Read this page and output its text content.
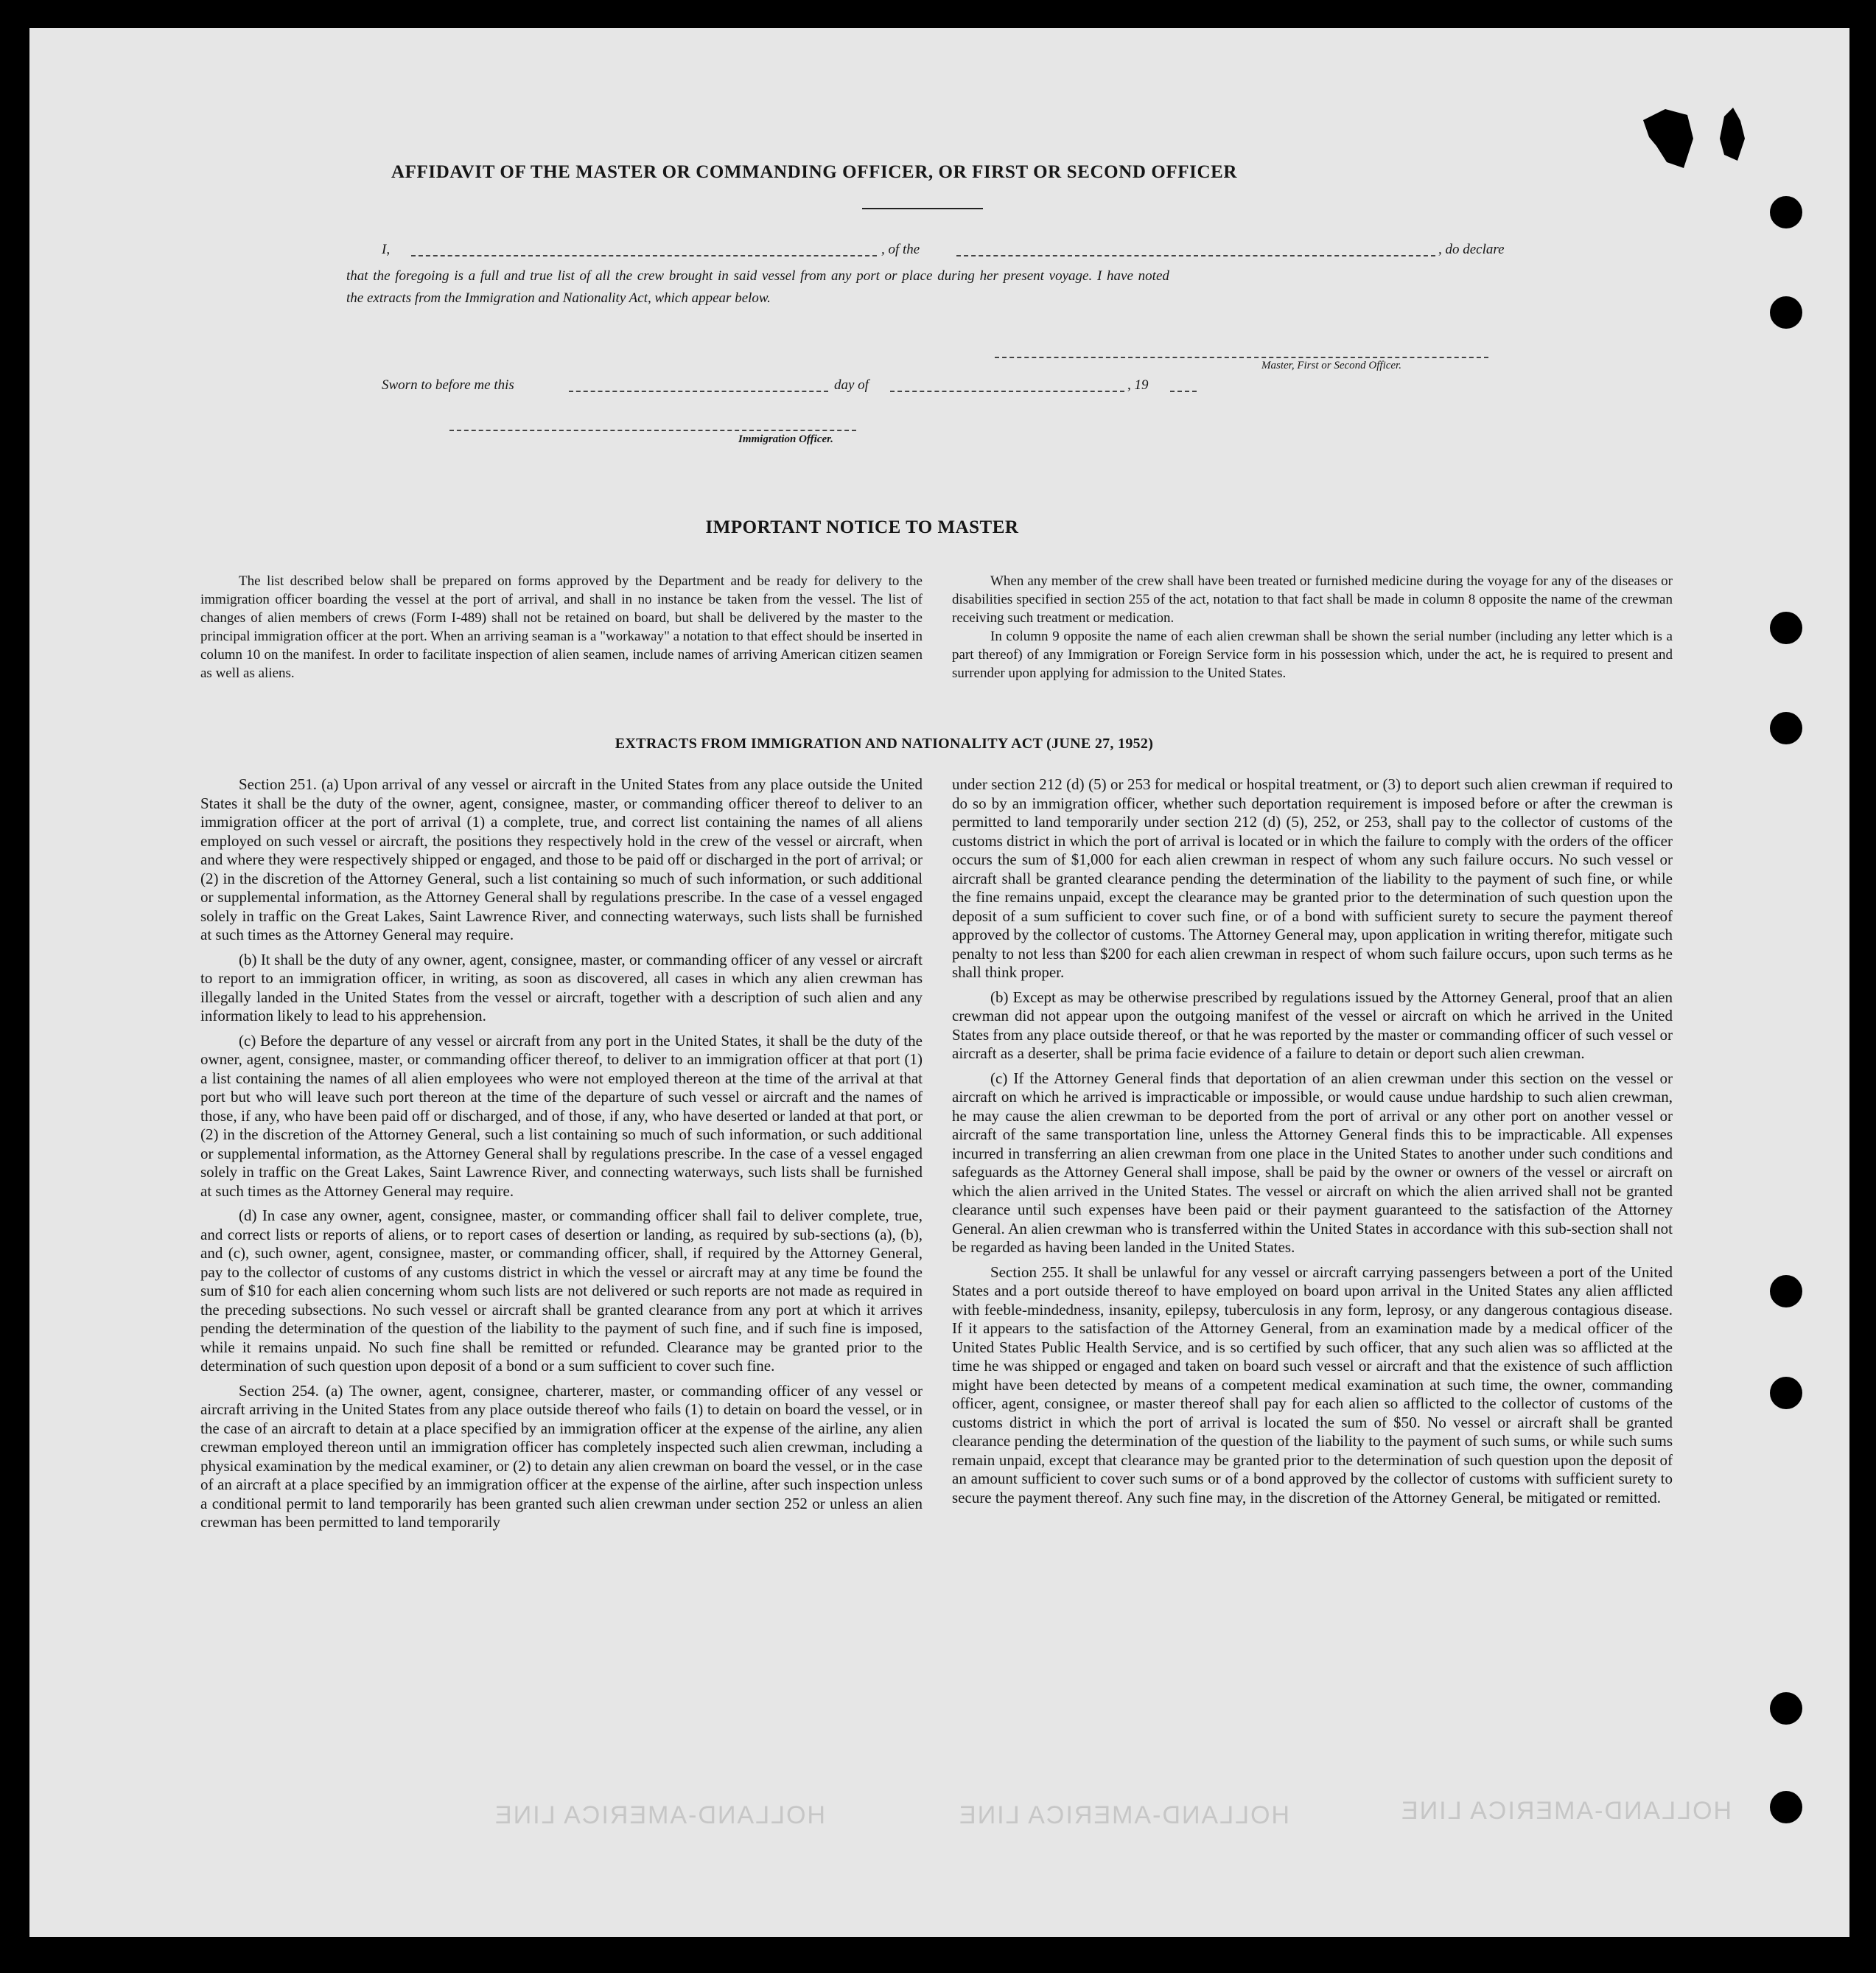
AFFIDAVIT OF THE MASTER OR COMMANDING OFFICER, OR FIRST OR SECOND OFFICER
I,	, of the	, do declare
that the foregoing is a full and true list of all the crew brought in said vessel from any port or place during her present voyage. I have noted
the extracts from the Immigration and Nationality Act, which appear below.
Master, First or Second Officer.
Sworn to before me this	day of	, 19
Immigration Officer.
IMPORTANT NOTICE TO MASTER

The list described below shall be prepared on forms approved by the Department and be ready for delivery to the immigration officer boarding the vessel at the port of arrival, and shall in no instance be taken from the vessel. The list of changes of alien members of crews (Form I-489) shall not be retained on board, but shall be delivered by the master to the principal immigration officer at the port. When an arriving seaman is a "workaway" a notation to that effect should be inserted in column 10 on the manifest. In order to facilitate inspection of alien seamen, include names of arriving American citizen seamen as well as aliens.

When any member of the crew shall have been treated or furnished medicine during the voyage for any of the diseases or disabilities specified in section 255 of the act, notation to that fact shall be made in column 8 opposite the name of the crewman receiving such treatment or medication.

In column 9 opposite the name of each alien crewman shall be shown the serial number (including any letter which is a part thereof) of any Immigration or Foreign Service form in his possession which, under the act, he is required to present and surrender upon applying for admission to the United States.

EXTRACTS FROM IMMIGRATION AND NATIONALITY ACT (JUNE 27, 1952)

Section 251. (a) Upon arrival of any vessel or aircraft in the United States from any place outside the United States it shall be the duty of the owner, agent, consignee, master, or commanding officer thereof to deliver to an immigration officer at the port of arrival (1) a complete, true, and correct list containing the names of all aliens employed on such vessel or aircraft, the positions they respectively hold in the crew of the vessel or aircraft, when and where they were respectively shipped or engaged, and those to be paid off or discharged in the port of arrival; or (2) in the discretion of the Attorney General, such a list containing so much of such information, or such additional or supplemental information, as the Attorney General shall by regulations prescribe. In the case of a vessel engaged solely in traffic on the Great Lakes, Saint Lawrence River, and connecting waterways, such lists shall be furnished at such times as the Attorney General may require.

(b) It shall be the duty of any owner, agent, consignee, master, or commanding officer of any vessel or aircraft to report to an immigration officer, in writing, as soon as discovered, all cases in which any alien crewman has illegally landed in the United States from the vessel or aircraft, together with a description of such alien and any information likely to lead to his apprehension.

(c) Before the departure of any vessel or aircraft from any port in the United States, it shall be the duty of the owner, agent, consignee, master, or commanding officer thereof, to deliver to an immigration officer at that port (1) a list containing the names of all alien employees who were not employed thereon at the time of the arrival at that port but who will leave such port thereon at the time of the departure of such vessel or aircraft and the names of those, if any, who have been paid off or discharged, and of those, if any, who have deserted or landed at that port, or (2) in the discretion of the Attorney General, such a list containing so much of such information, or such additional or supplemental information, as the Attorney General shall by regulations prescribe. In the case of a vessel engaged solely in traffic on the Great Lakes, Saint Lawrence River, and connecting waterways, such lists shall be furnished at such times as the Attorney General may require.

(d) In case any owner, agent, consignee, master, or commanding officer shall fail to deliver complete, true, and correct lists or reports of aliens, or to report cases of desertion or landing, as required by sub-sections (a), (b), and (c), such owner, agent, consignee, master, or commanding officer, shall, if required by the Attorney General, pay to the collector of customs of any customs district in which the vessel or aircraft may at any time be found the sum of $10 for each alien concerning whom such lists are not delivered or such reports are not made as required in the preceding subsections. No such vessel or aircraft shall be granted clearance from any port at which it arrives pending the determination of the question of the liability to the payment of such fine, and if such fine is imposed, while it remains unpaid. No such fine shall be remitted or refunded. Clearance may be granted prior to the determination of such question upon deposit of a bond or a sum sufficient to cover such fine.

Section 254. (a) The owner, agent, consignee, charterer, master, or commanding officer of any vessel or aircraft arriving in the United States from any place outside thereof who fails (1) to detain on board the vessel, or in the case of an aircraft to detain at a place specified by an immigration officer at the expense of the airline, any alien crewman employed thereon until an immigration officer has completely inspected such alien crewman, including a physical examination by the medical examiner, or (2) to detain any alien crewman on board the vessel, or in the case of an aircraft at a place specified by an immigration officer at the expense of the airline, after such inspection unless a conditional permit to land temporarily has been granted such alien crewman under section 252 or unless an alien crewman has been permitted to land temporarily

under section 212 (d) (5) or 253 for medical or hospital treatment, or (3) to deport such alien crewman if required to do so by an immigration officer, whether such deportation requirement is imposed before or after the crewman is permitted to land temporarily under section 212 (d) (5), 252, or 253, shall pay to the collector of customs of the customs district in which the port of arrival is located or in which the failure to comply with the orders of the officer occurs the sum of $1,000 for each alien crewman in respect of whom any such failure occurs. No such vessel or aircraft shall be granted clearance pending the determination of the liability to the payment of such fine, or while the fine remains unpaid, except the clearance may be granted prior to the determination of such question upon the deposit of a sum sufficient to cover such fine, or of a bond with sufficient surety to secure the payment thereof approved by the collector of customs. The Attorney General may, upon application in writing therefor, mitigate such penalty to not less than $200 for each alien crewman in respect of whom such failure occurs, upon such terms as he shall think proper.

(b) Except as may be otherwise prescribed by regulations issued by the Attorney General, proof that an alien crewman did not appear upon the outgoing manifest of the vessel or aircraft on which he arrived in the United States from any place outside thereof, or that he was reported by the master or commanding officer of such vessel or aircraft as a deserter, shall be prima facie evidence of a failure to detain or deport such alien crewman.

(c) If the Attorney General finds that deportation of an alien crewman under this section on the vessel or aircraft on which he arrived is impracticable or impossible, or would cause undue hardship to such alien crewman, he may cause the alien crewman to be deported from the port of arrival or any other port on another vessel or aircraft of the same transportation line, unless the Attorney General finds this to be impracticable. All expenses incurred in transferring an alien crewman from one place in the United States to another under such conditions and safeguards as the Attorney General shall impose, shall be paid by the owner or owners of the vessel or aircraft on which the alien arrived in the United States. The vessel or aircraft on which the alien arrived shall not be granted clearance until such expenses have been paid or their payment guaranteed to the satisfaction of the Attorney General. An alien crewman who is transferred within the United States in accordance with this sub-section shall not be regarded as having been landed in the United States.

Section 255. It shall be unlawful for any vessel or aircraft carrying passengers between a port of the United States and a port outside thereof to have employed on board upon arrival in the United States any alien afflicted with feeble-mindedness, insanity, epilepsy, tuberculosis in any form, leprosy, or any dangerous contagious disease. If it appears to the satisfaction of the Attorney General, from an examination made by a medical officer of the United States Public Health Service, and is so certified by such officer, that any such alien was so afflicted at the time he was shipped or engaged and taken on board such vessel or aircraft and that the existence of such affliction might have been detected by means of a competent medical examination at such time, the owner, commanding officer, agent, consignee, or master thereof shall pay for each alien so afflicted to the collector of customs of the customs district in which the port of arrival is located the sum of $50. No vessel or aircraft shall be granted clearance pending the determination of the question of the liability to the payment of such sums, or while such sums remain unpaid, except that clearance may be granted prior to the determination of such question upon the deposit of an amount sufficient to cover such sums or of a bond approved by the collector of customs with sufficient surety to secure the payment thereof. Any such fine may, in the discretion of the Attorney General, be mitigated or remitted.

HOLLAND-AMERICA LINE	HOLLAND-AMERICA LINE	HOLLAND-AMERICA LINE
